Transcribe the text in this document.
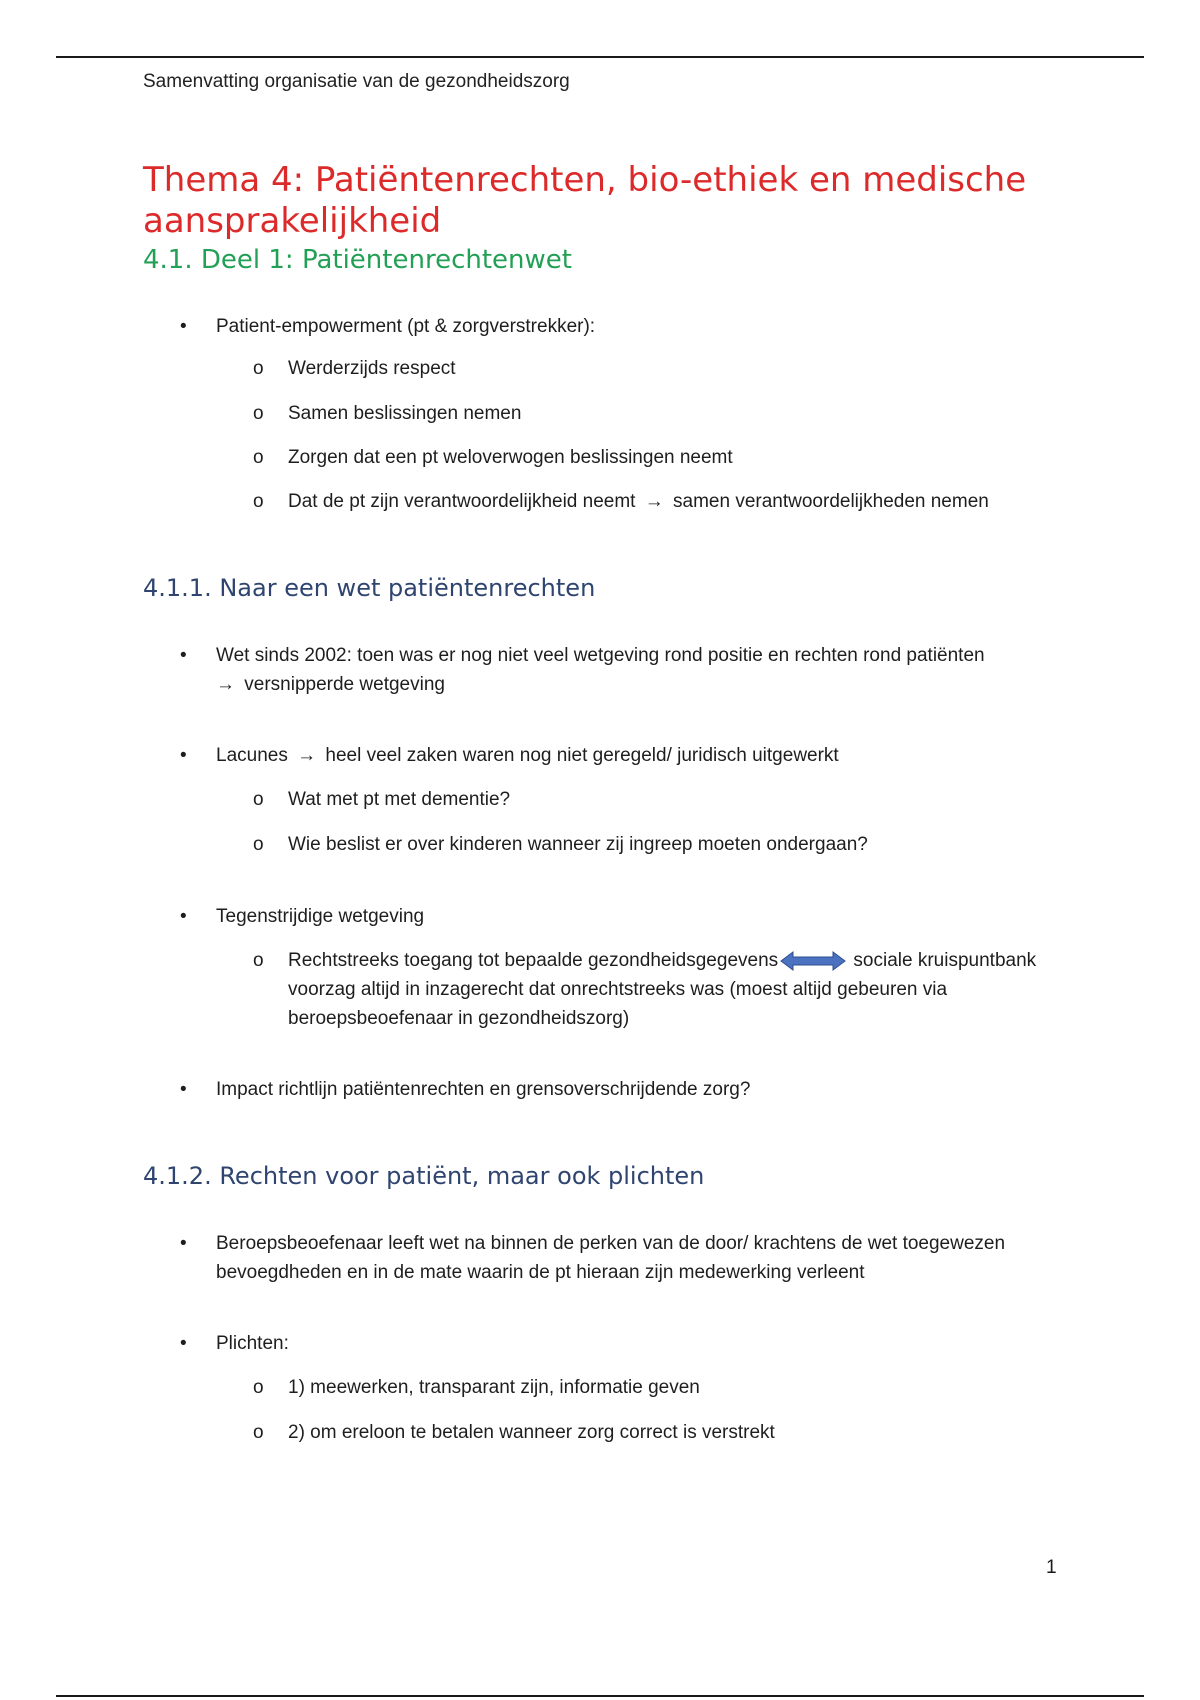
Samenvatting organisatie van de gezondheidszorg
Thema 4: Patiëntenrechten, bio-ethiek en medische
aansprakelijkheid
4.1. Deel 1: Patiëntenrechtenwet
• Patient-empowerment (pt & zorgverstrekker):
o Werderzijds respect
o Samen beslissingen nemen
o Zorgen dat een pt weloverwogen beslissingen neemt
o Dat de pt zijn verantwoordelijkheid neemt → samen verantwoordelijkheden nemen
4.1.1. Naar een wet patiëntenrechten
• Wet sinds 2002: toen was er nog niet veel wetgeving rond positie en rechten rond patiënten
→ versnipperde wetgeving
• Lacunes → heel veel zaken waren nog niet geregeld/ juridisch uitgewerkt
o Wat met pt met dementie?
o Wie beslist er over kinderen wanneer zij ingreep moeten ondergaan?
• Tegenstrijdige wetgeving
o Rechtstreeks toegang tot bepaalde gezondheidsgegevens	sociale kruispuntbank voorzag altijd in inzagerecht dat onrechtstreeks was (moest altijd gebeuren via beroepsbeoefenaar in gezondheidszorg)
• Impact richtlijn patiëntenrechten en grensoverschrijdende zorg?
4.1.2. Rechten voor patiënt, maar ook plichten
• Beroepsbeoefenaar leeft wet na binnen de perken van de door/ krachtens de wet toegewezen bevoegdheden en in de mate waarin de pt hieraan zijn medewerking verleent
• Plichten:
o 1) meewerken, transparant zijn, informatie geven
o 2) om ereloon te betalen wanneer zorg correct is verstrekt
1
